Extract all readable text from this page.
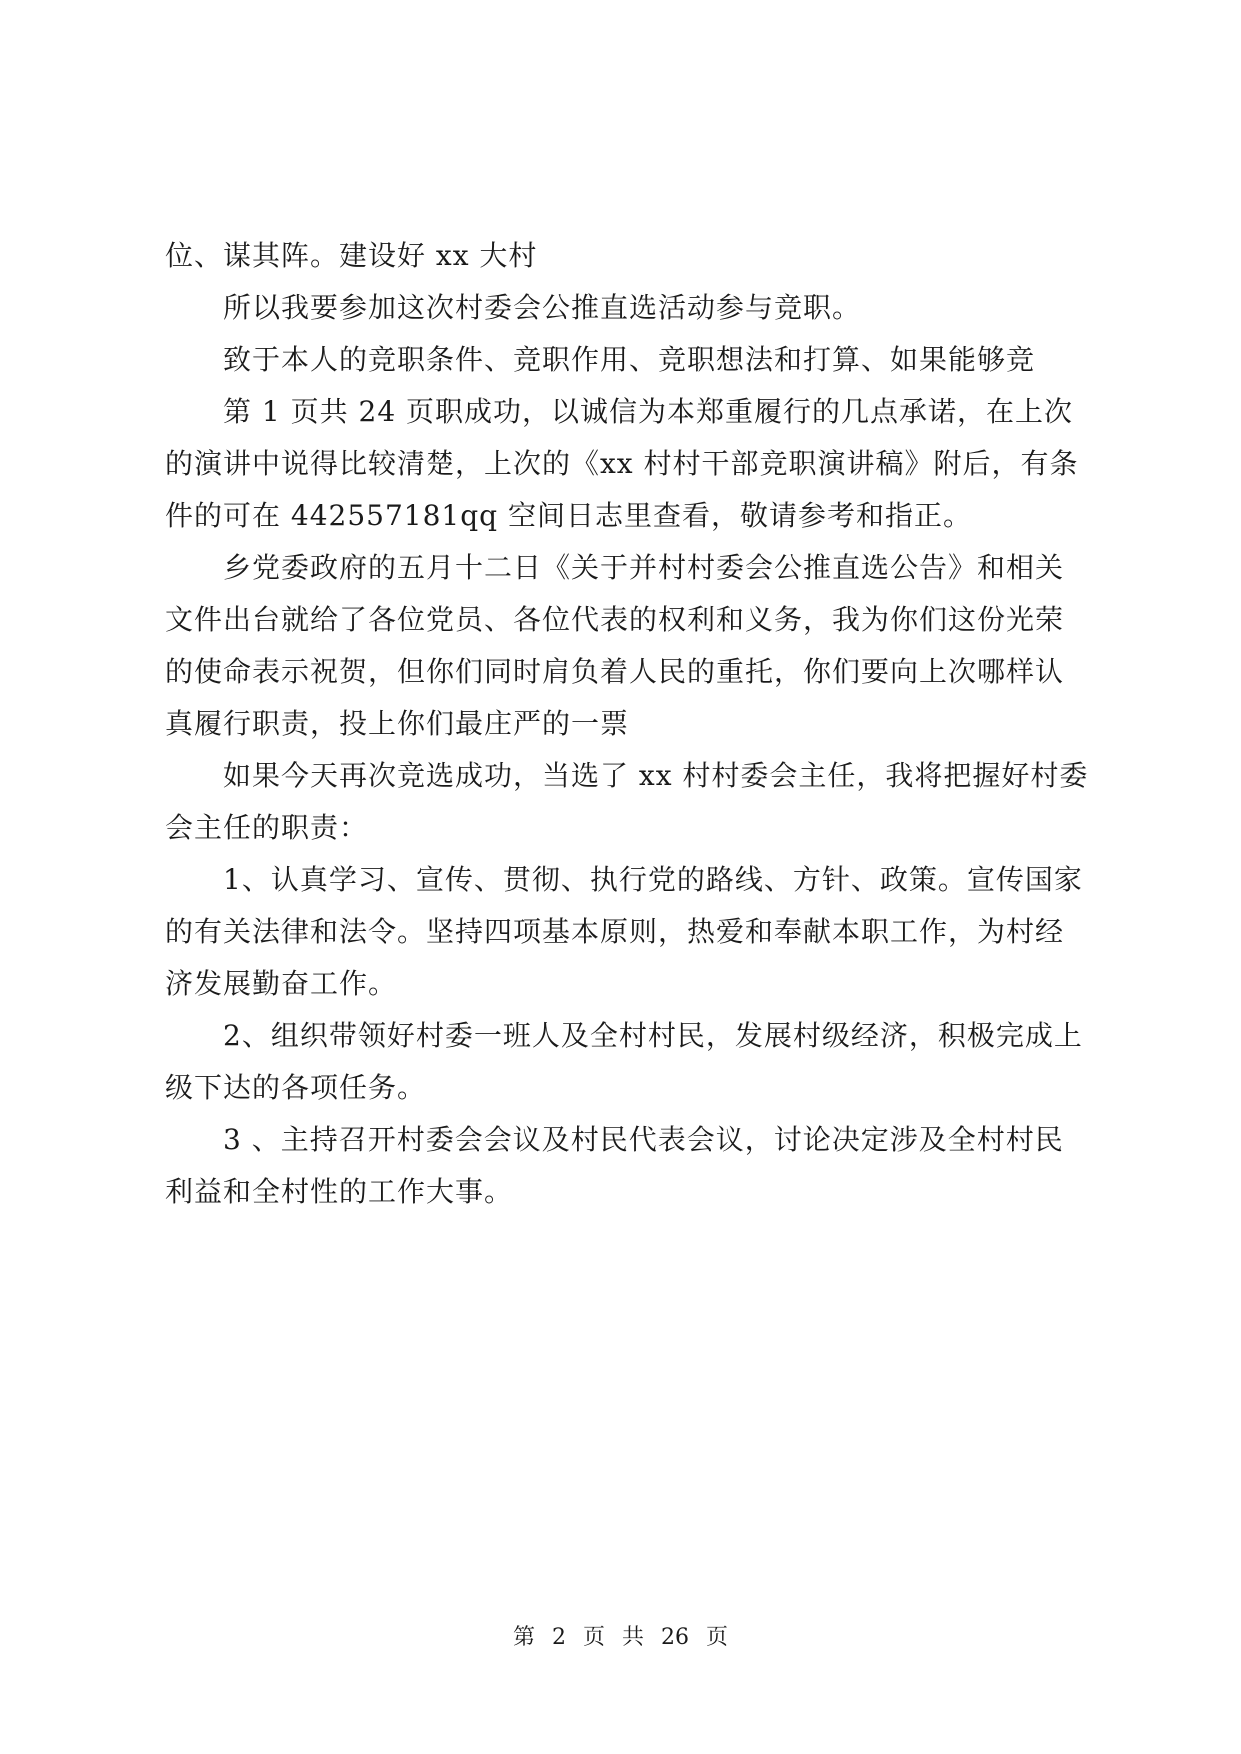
位、谋其阵。建设好 xx 大村

所以我要参加这次村委会公推直选活动参与竞职。

致于本人的竞职条件、竞职作用、竞职想法和打算、如果能够竞

第 1 页共 24 页职成功，以诚信为本郑重履行的几点承诺，在上次的演讲中说得比较清楚，上次的《xx 村村干部竞职演讲稿》附后，有条件的可在 442557181qq 空间日志里查看，敬请参考和指正。

乡党委政府的五月十二日《关于并村村委会公推直选公告》和相关文件出台就给了各位党员、各位代表的权利和义务，我为你们这份光荣的使命表示祝贺，但你们同时肩负着人民的重托，你们要向上次哪样认真履行职责，投上你们最庄严的一票

如果今天再次竞选成功，当选了 xx 村村委会主任，我将把握好村委会主任的职责：

1、认真学习、宣传、贯彻、执行党的路线、方针、政策。宣传国家的有关法律和法令。坚持四项基本原则，热爱和奉献本职工作，为村经济发展勤奋工作。

2、组织带领好村委一班人及全村村民，发展村级经济，积极完成上级下达的各项任务。

3 、主持召开村委会会议及村民代表会议，讨论决定涉及全村村民利益和全村性的工作大事。

第 2 页 共 26 页
